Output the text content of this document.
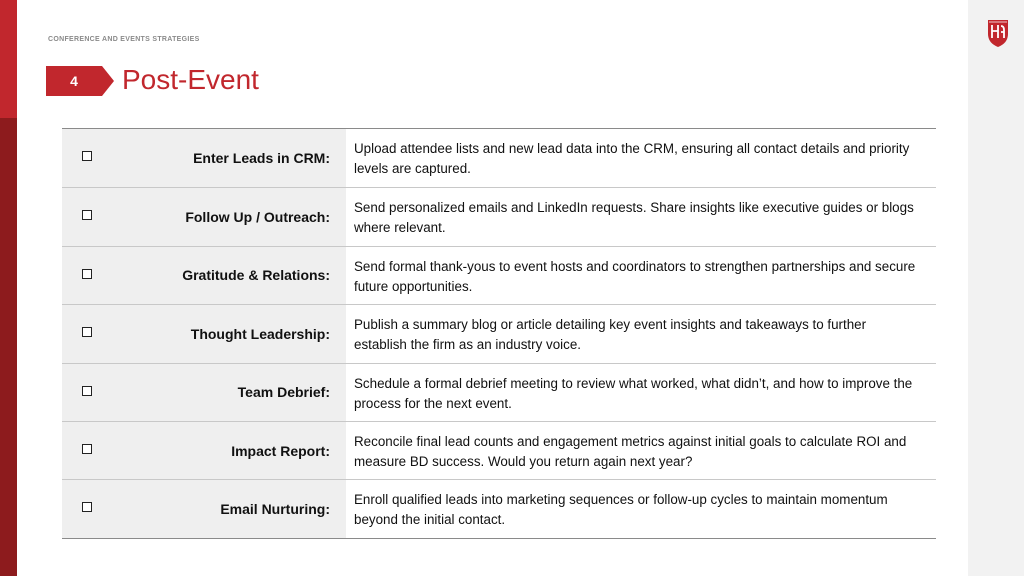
CONFERENCE AND EVENTS STRATEGIES
4	Post-Event
Enter Leads in CRM:
Upload attendee lists and new lead data into the CRM, ensuring all contact details and priority levels are captured.
Follow Up / Outreach:
Send personalized emails and LinkedIn requests. Share insights like executive guides or blogs where relevant.
Gratitude & Relations:
Send formal thank-yous to event hosts and coordinators to strengthen partnerships and secure future opportunities.
Thought Leadership:
Publish a summary blog or article detailing key event insights and takeaways to further establish the firm as an industry voice.
Team Debrief:
Schedule a formal debrief meeting to review what worked, what didn’t, and how to improve the process for the next event.
Impact Report:
Reconcile final lead counts and engagement metrics against initial goals to calculate ROI and measure BD success. Would you return again next year?
Email Nurturing:
Enroll qualified leads into marketing sequences or follow-up cycles to maintain momentum beyond the initial contact.
